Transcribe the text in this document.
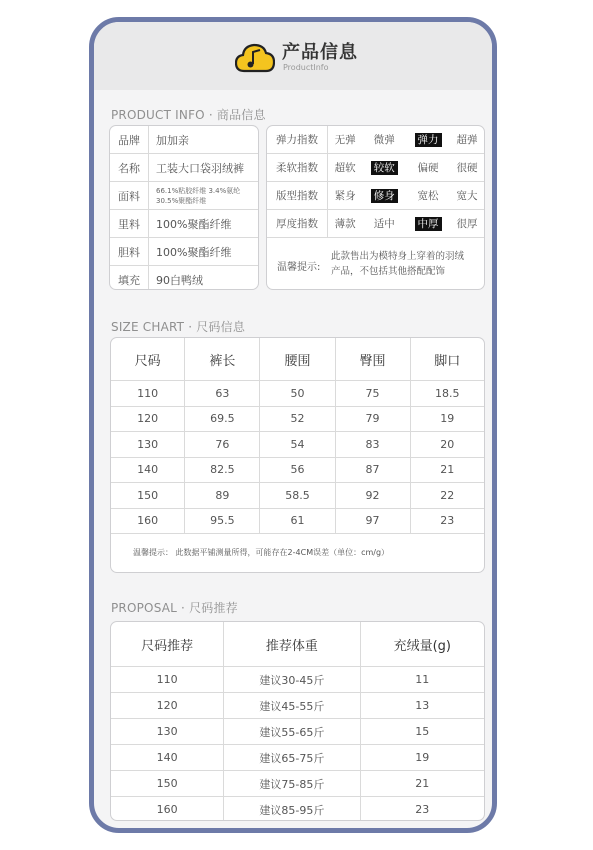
产品信息
ProductInfo
PRODUCT INFO · 商品信息
品牌	加加亲
名称	工装大口袋羽绒裤
面料	66.1%粘胶纤维 3.4%氨纶 30.5%聚酯纤维
里料	100%聚酯纤维
胆料	100%聚酯纤维
填充	90白鸭绒
弹力指数	无弹	微弹	弹力	超弹
柔软指数	超软	较软	偏硬	很硬
版型指数	紧身	修身	宽松	宽大
厚度指数	薄款	适中	中厚	很厚
温馨提示:
此款售出为模特身上穿着的羽绒产品，不包括其他搭配配饰
SIZE CHART · 尺码信息
尺码	裤长	腰围	臀围	脚口
110	63	50	75	18.5
120	69.5	52	79	19
130	76	54	83	20
140	82.5	56	87	21
150	89	58.5	92	22
160	95.5	61	97	23
温馨提示： 此数据平铺测量所得，可能存在2-4CM误差（单位：cm/g）				
PROPOSAL · 尺码推荐
尺码推荐	推荐体重	充绒量(g)
110	建议30-45斤	11
120	建议45-55斤	13
130	建议55-65斤	15
140	建议65-75斤	19
150	建议75-85斤	21
160	建议85-95斤	23
